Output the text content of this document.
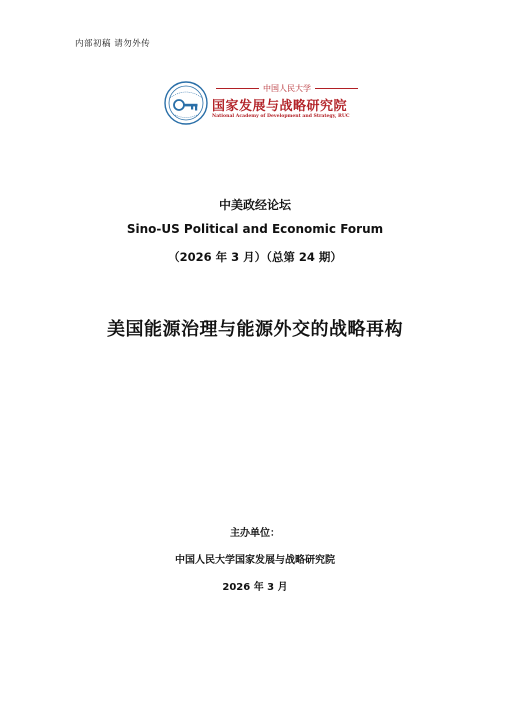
内部初稿 请勿外传
中国人民大学
国家发展与战略研究院
National Academy of Development and Strategy, RUC
中美政经论坛
Sino-US Political and Economic Forum
（2026 年 3 月）（总第 24 期）
美国能源治理与能源外交的战略再构
主办单位：
中国人民大学国家发展与战略研究院
2026 年 3 月
